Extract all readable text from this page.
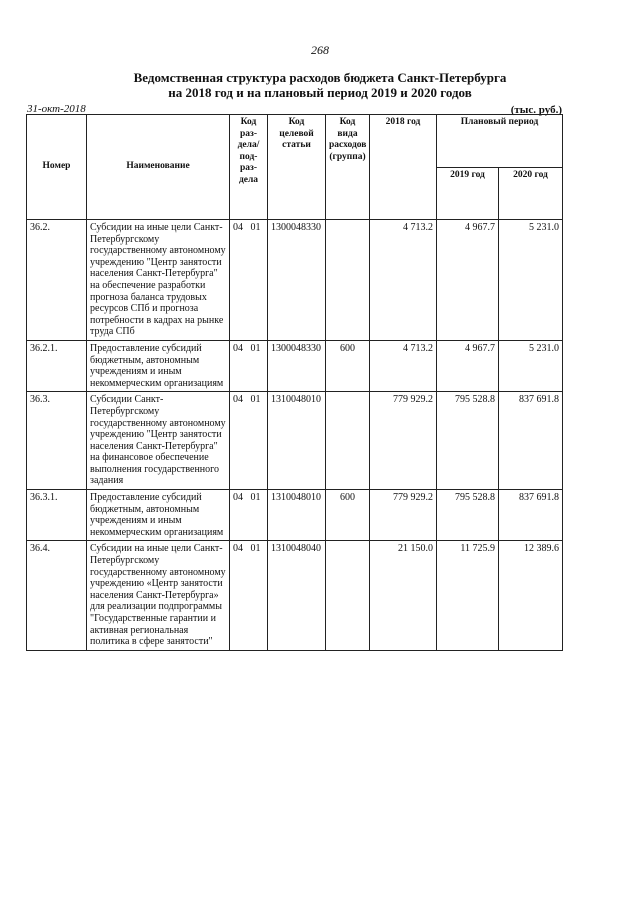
268
Ведомственная структура расходов бюджета Санкт-Петербурга
на 2018 год и на плановый период 2019 и 2020 годов
31-окт-2018	(тыс. руб.)
Номер	Наименование	Код раз-дела/ под-раз-дела		Код целевой статьи	Код вида расходов (группа)	2018 год	Плановый период	
							2019 год	2020 год
36.2.	Субсидии на иные цели Санкт-Петербургскому государственному автономному учреждению "Центр занятости населения Санкт-Петербурга" на обеспечение разработки прогноза баланса трудовых ресурсов СПб и прогноза потребности в кадрах на рынке труда СПб	04	01	1300048330		4 713.2	4 967.7	5 231.0
36.2.1.	Предоставление субсидий бюджетным, автономным учреждениям и иным некоммерческим организациям	04	01	1300048330	600	4 713.2	4 967.7	5 231.0
36.3.	Субсидии Санкт-Петербургскому государственному автономному учреждению "Центр занятости населения Санкт-Петербурга" на финансовое обеспечение выполнения государственного задания	04	01	1310048010		779 929.2	795 528.8	837 691.8
36.3.1.	Предоставление субсидий бюджетным, автономным учреждениям и иным некоммерческим организациям	04	01	1310048010	600	779 929.2	795 528.8	837 691.8
36.4.	Субсидии на иные цели Санкт-Петербургскому государственному автономному учреждению «Центр занятости населения Санкт-Петербурга» для реализации подпрограммы "Государственные гарантии и активная региональная политика в сфере занятости"	04	01	1310048040		21 150.0	11 725.9	12 389.6
